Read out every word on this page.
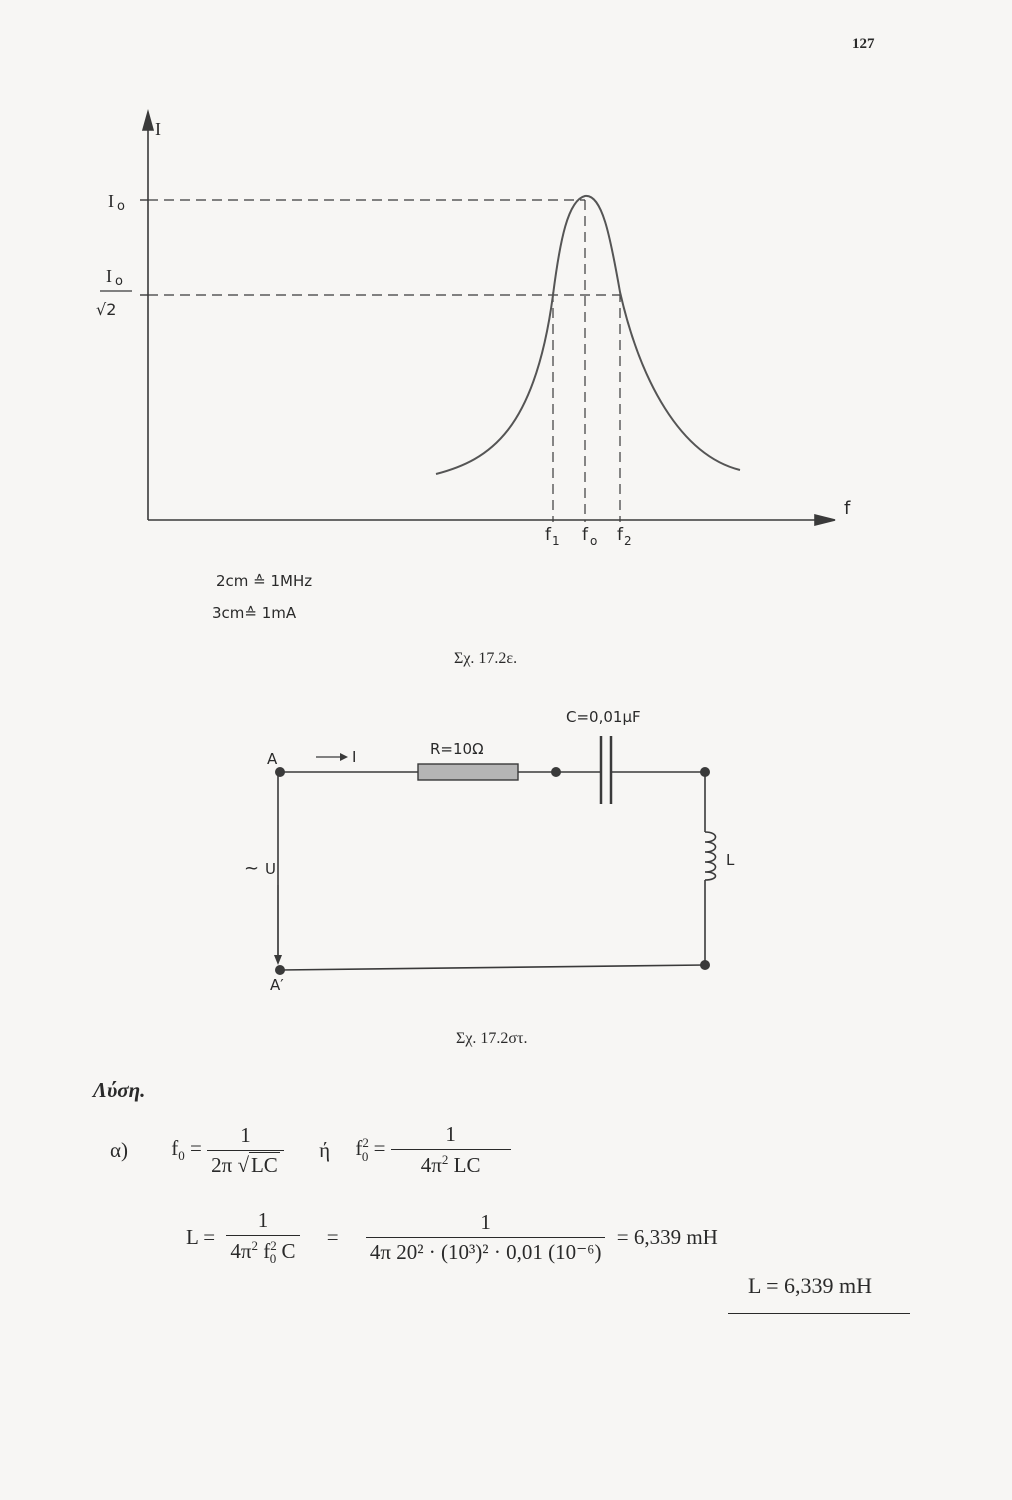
127
I
f
I o
I o
√2
f 1 f o f 2
2cm ≙ 1MHz
3cm≙ 1mA
Σχ. 17.2ε.
C=0,01μF
R=10Ω
A	I
~ U	L
A′
Σχ. 17.2στ.
Λύση.
α) $f_0 = \frac{1}{2\pi √LC}$ ή $f^2_0 = \frac{1}{4\pi^2 LC}$
$L = \frac{1}{4\pi^2 f^2_0 C} = \frac{1}{\text{4π 20² · (10³)² · 0,01 (10⁻⁶)}} = 6,339$ mH
L = 6,339 mH
